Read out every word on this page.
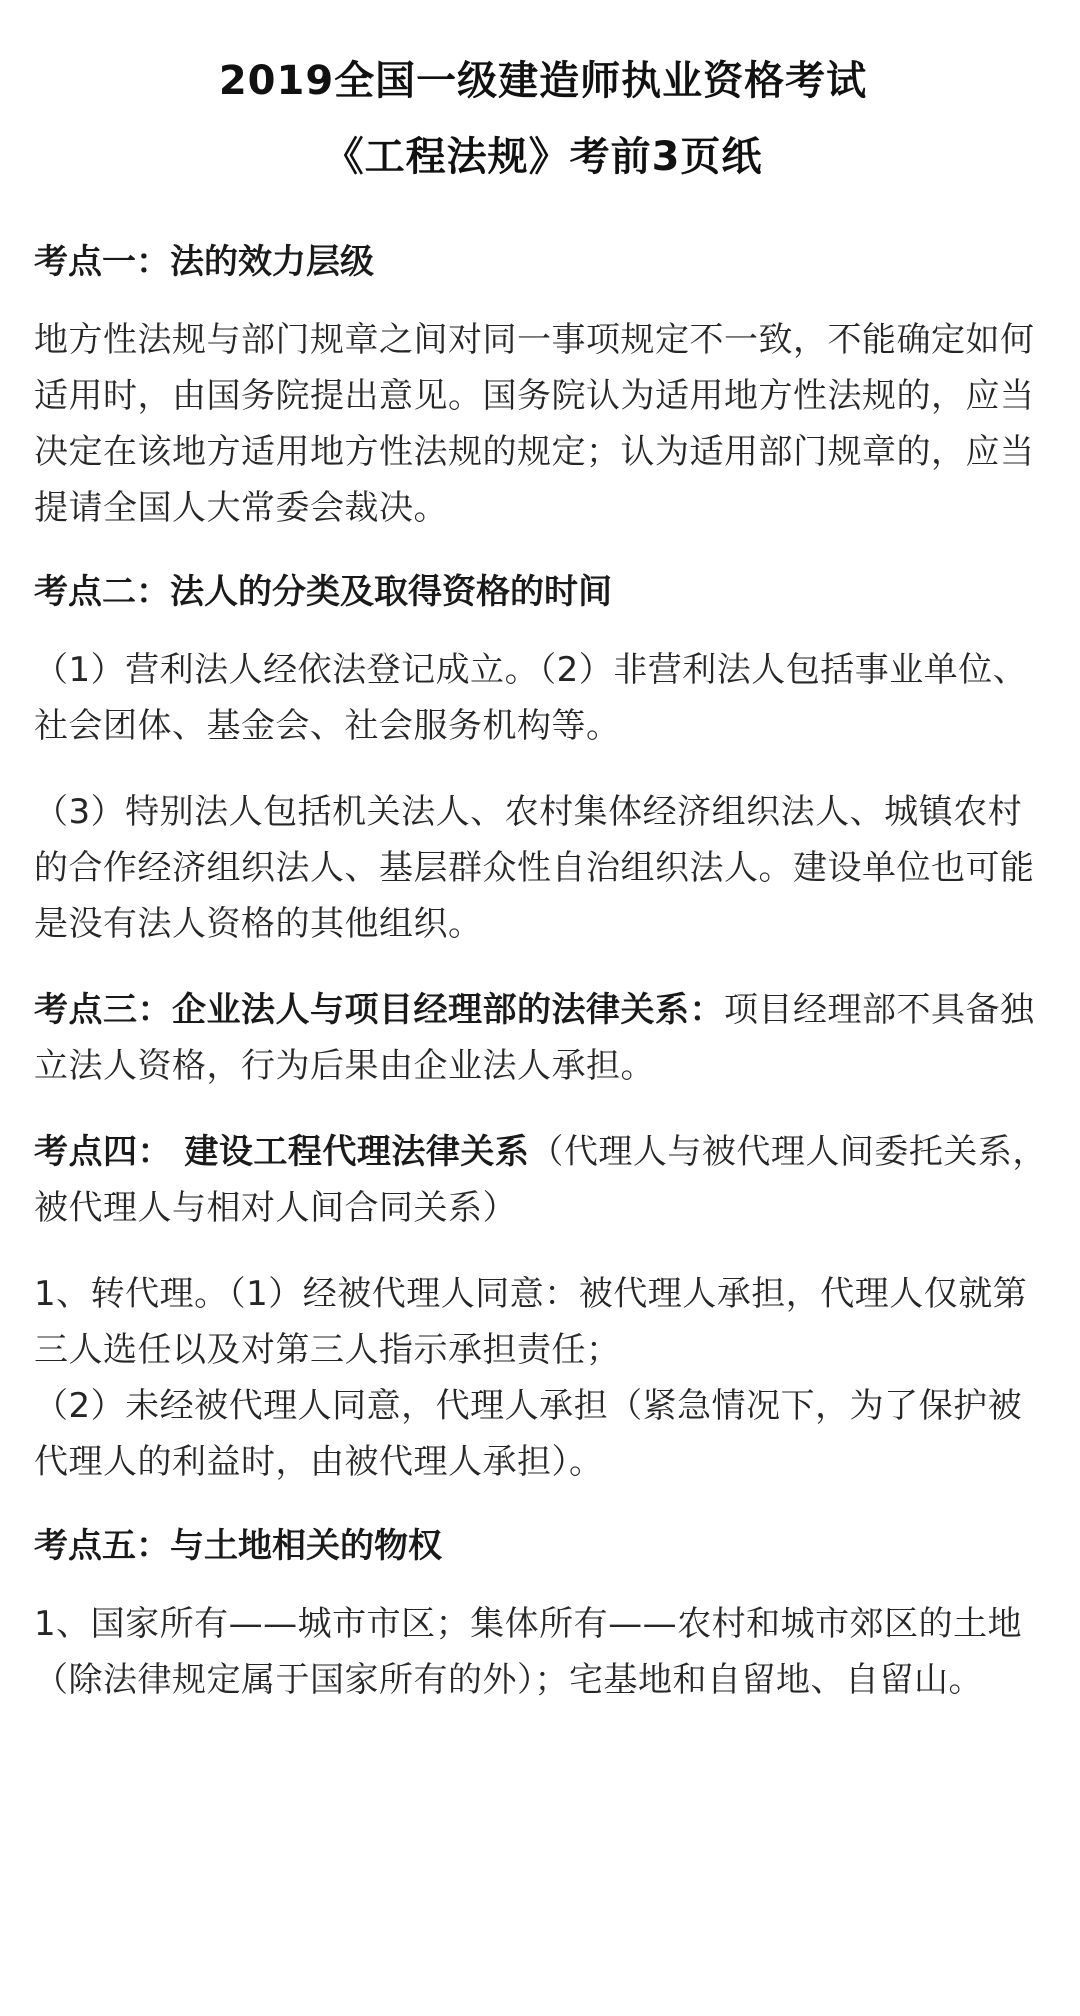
2019全国一级建造师执业资格考试
《工程法规》考前3页纸
考点一：法的效力层级

地方性法规与部门规章之间对同一事项规定不一致，不能确定如何适用时，由国务院提出意见。国务院认为适用地方性法规的，应当决定在该地方适用地方性法规的规定；认为适用部门规章的，应当提请全国人大常委会裁决。

考点二：法人的分类及取得资格的时间

（1）营利法人经依法登记成立。（2）非营利法人包括事业单位、社会团体、基金会、社会服务机构等。

（3）特别法人包括机关法人、农村集体经济组织法人、城镇农村的合作经济组织法人、基层群众性自治组织法人。建设单位也可能是没有法人资格的其他组织。

考点三：企业法人与项目经理部的法律关系：项目经理部不具备独立法人资格，行为后果由企业法人承担。

考点四： 建设工程代理法律关系（代理人与被代理人间委托关系，被代理人与相对人间合同关系）

1、转代理。（1）经被代理人同意：被代理人承担，代理人仅就第三人选任以及对第三人指示承担责任；

（2）未经被代理人同意，代理人承担（紧急情况下，为了保护被代理人的利益时，由被代理人承担）。

考点五：与土地相关的物权

1、国家所有——城市市区；集体所有——农村和城市郊区的土地（除法律规定属于国家所有的外）；宅基地和自留地、自留山。
